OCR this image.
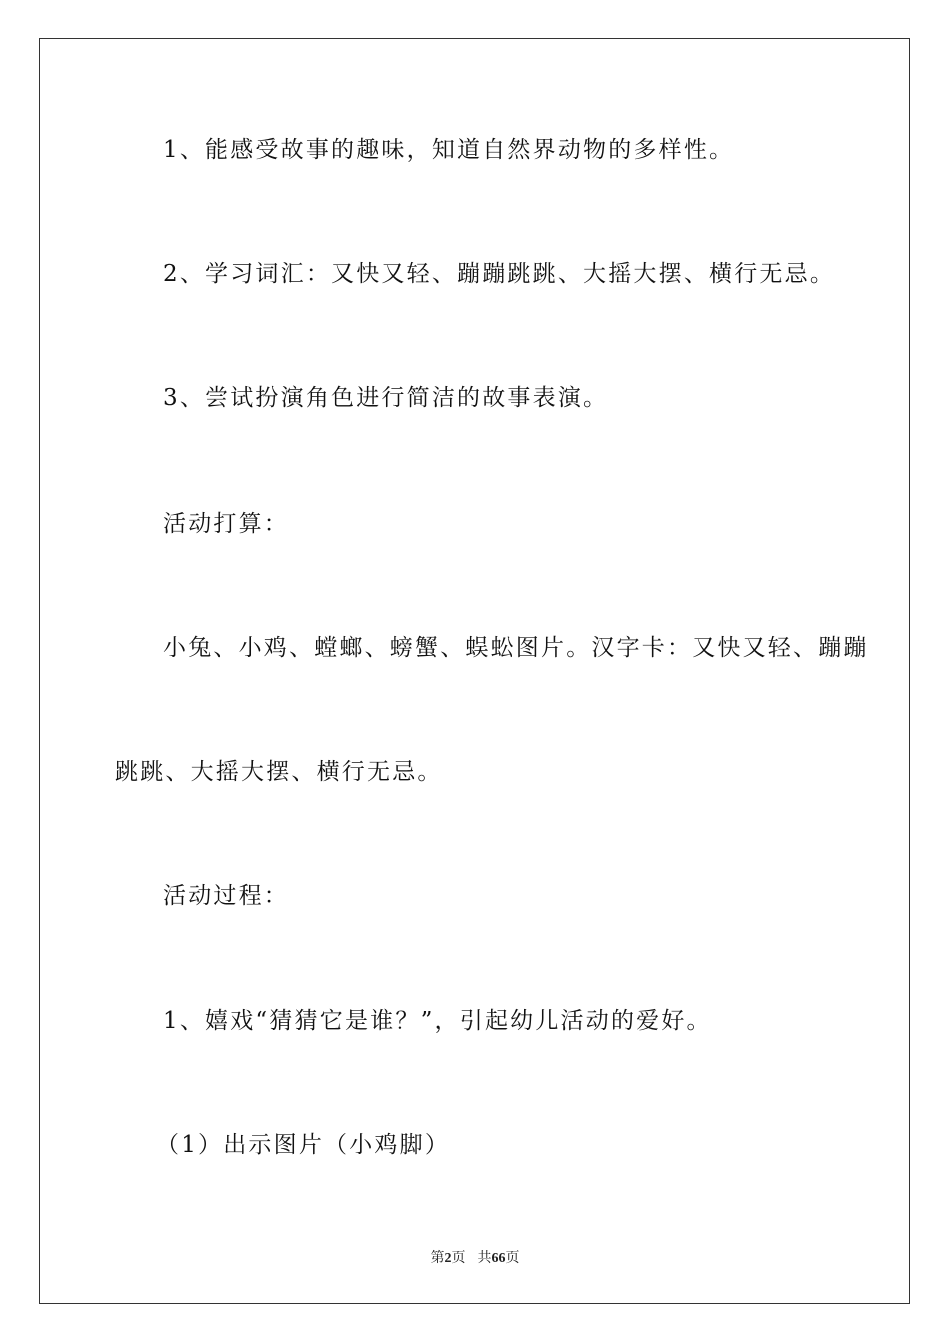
1、能感受故事的趣味，知道自然界动物的多样性。
2、学习词汇：又快又轻、蹦蹦跳跳、大摇大摆、横行无忌。
3、尝试扮演角色进行简洁的故事表演。
活动打算：
小兔、小鸡、螳螂、螃蟹、蜈蚣图片。汉字卡：又快又轻、蹦蹦
跳跳、大摇大摆、横行无忌。
活动过程：
1、嬉戏“猜猜它是谁？”，引起幼儿活动的爱好。
（1）出示图片（小鸡脚）
第2页 共66页
